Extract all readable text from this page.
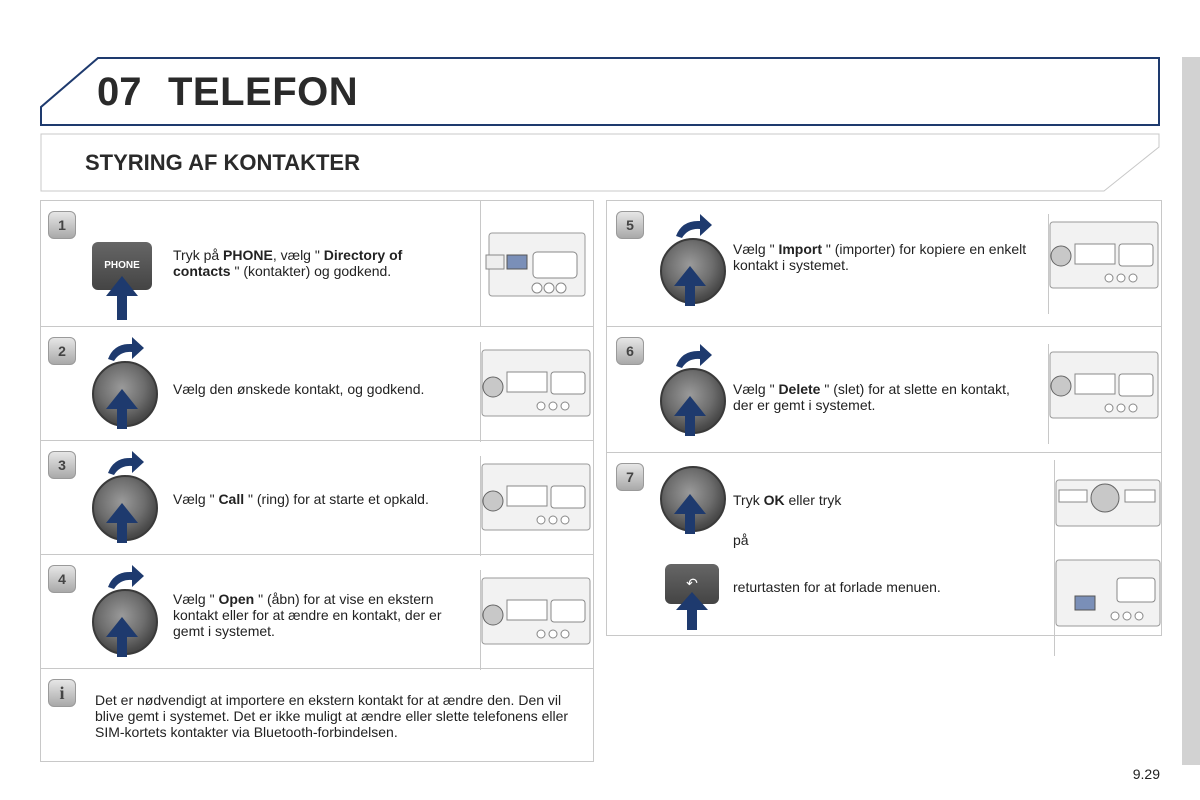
07 TELEFON
STYRING AF KONTAKTER
1
PHONE
Tryk på PHONE, vælg " Directory of contacts " (kontakter) og godkend.
2
Vælg den ønskede kontakt, og godkend.
3
Vælg " Call " (ring) for at starte et opkald.
4
Vælg " Open " (åbn) for at vise en ekstern kontakt eller for at ændre en kontakt, der er gemt i systemet.
i	Det er nødvendigt at importere en ekstern kontakt for at ændre den. Den vil blive gemt i systemet. Det er ikke muligt at ændre eller slette telefonens eller SIM-kortets kontakter via Bluetooth-forbindelsen.
5
Vælg " Import " (importer) for kopiere en enkelt kontakt i systemet.
6
Vælg " Delete " (slet) for at slette en kontakt, der er gemt i systemet.
7
Tryk OK eller tryk
på
↶	returtasten for at forlade menuen.
9.29
